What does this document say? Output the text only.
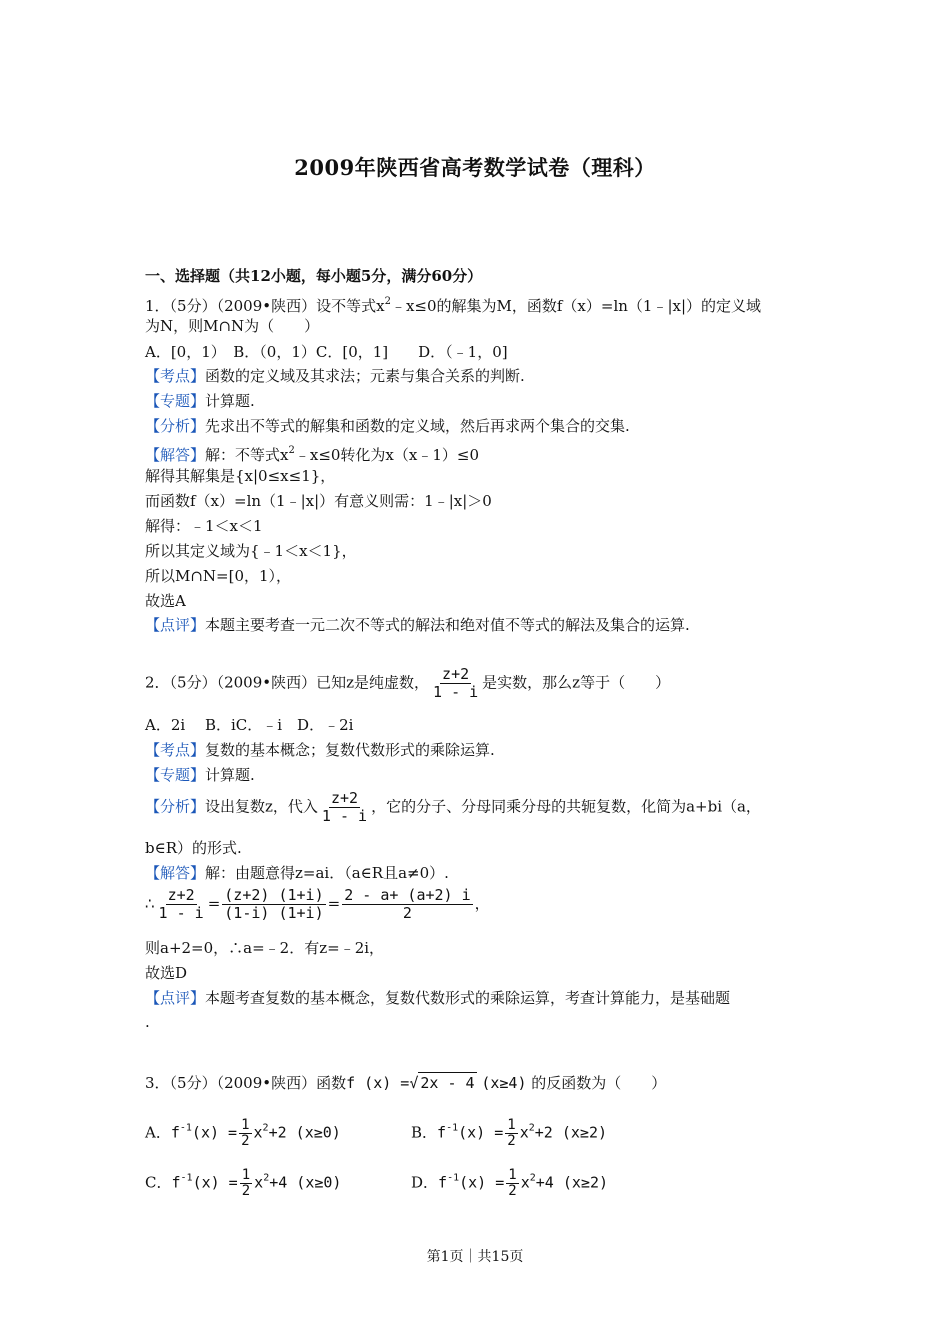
2009年陕西省高考数学试卷（理科）
一、选择题（共12小题，每小题5分，满分60分）
1．（5分）（2009•陕西）设不等式$x^2﹣x\le 0$的解集为M，函数f（x）=ln（1﹣|x|）的定义域
为N，则M∩N为（　　）
A．[0，1）　B．（0，1）C．[0，1]　　D．（﹣1，0]
【考点】函数的定义域及其求法；元素与集合关系的判断.
【专题】计算题.
【分析】先求出不等式的解集和函数的定义域，然后再求两个集合的交集.
【解答】解：不等式$x^2﹣x\le 0$转化为x（x﹣1）≤0
解得其解集是{x|0≤x≤1}，
而函数f（x）=ln（1﹣|x|）有意义则需：1﹣|x|＞0
解得：﹣1＜x＜1
所以其定义域为{﹣1＜x＜1}，
所以M∩N=[0，1），
故选A
【点评】本题主要考查一元二次不等式的解法和绝对值不等式的解法及集合的运算.
2．（5分）（2009•陕西）已知z是纯虚数， $\frac{z+2}{1 - i}$ 是实数，那么z等于（　　）
A．2i　 B．iC．﹣i　D．﹣2i
【考点】复数的基本概念；复数代数形式的乘除运算.
【专题】计算题.
【分析】设出复数z，代入 $\frac{z+2}{1 - i}$ ，它的分子、分母同乘分母的共轭复数，化简为a+bi（a，
b∈R）的形式.
【解答】解：由题意得z=ai．（a∈R且a≠0）.
∴ $\frac{z+2}{1 - i} = \frac{(z+2) (1+i)}{(1-i) (1+i)} = \frac{2 - a+ (a+2) i}{2}$ ，
则a+2=0，∴a=﹣2．有z=﹣2i，
故选D
【点评】本题考查复数的基本概念，复数代数形式的乘除运算，考查计算能力，是基础题
.
3．（5分）（2009•陕西）函数f (x) =√ 2x - 4 (x≥4) 的反函数为（　　）
A．$f^{-1}(x) = \frac{1}{2} x^2+2$ (x≥0)	B．$f^{-1}(x) = \frac{1}{2} x^2+2$ (x≥2)
C．$f^{-1}(x) = \frac{1}{2} x^2+4$ (x≥0)	D．$f^{-1}(x) = \frac{1}{2} x^2+4$ (x≥2)
第1页｜共15页
